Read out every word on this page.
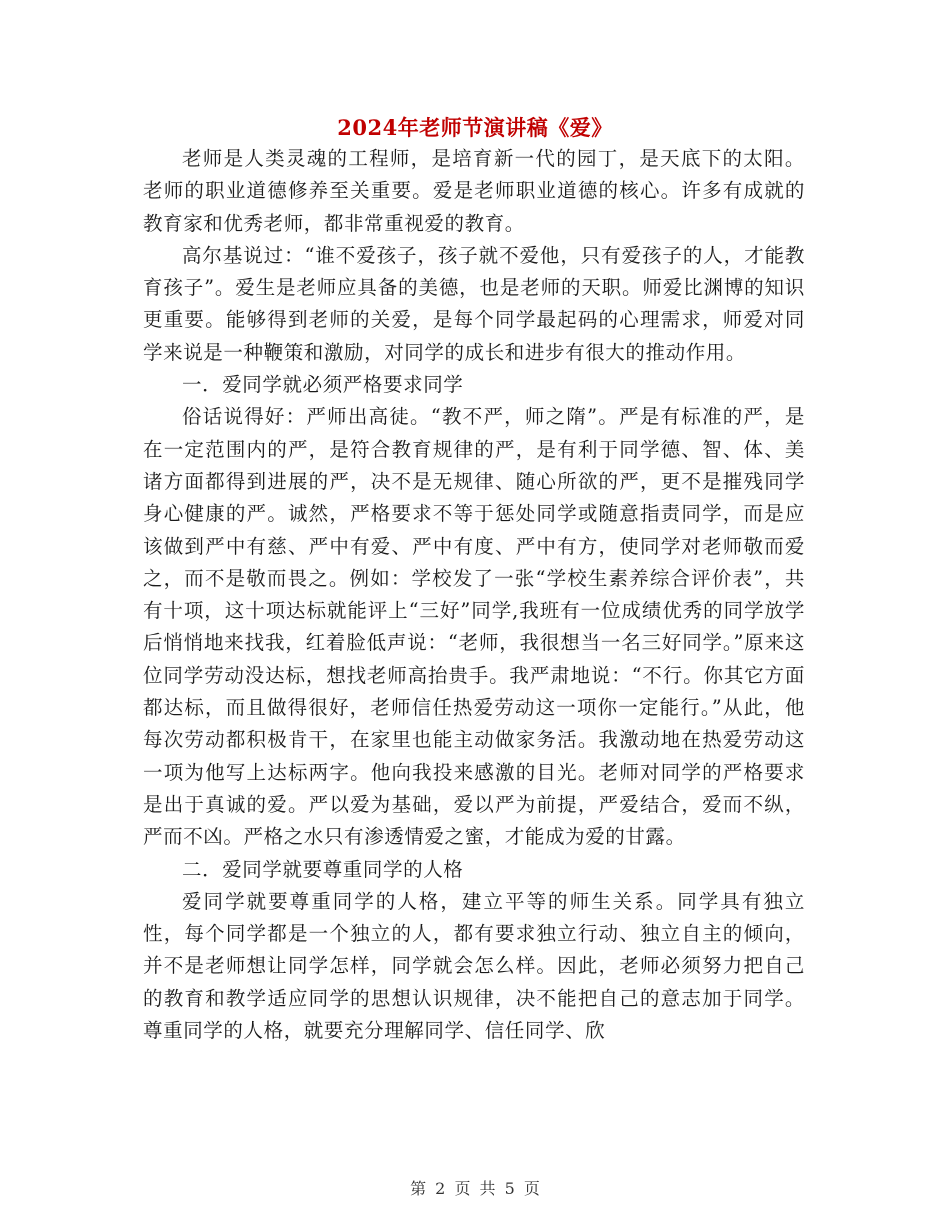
2024年老师节演讲稿《爱》

老师是人类灵魂的工程师，是培育新一代的园丁，是天底下的太阳。老师的职业道德修养至关重要。爱是老师职业道德的核心。许多有成就的教育家和优秀老师，都非常重视爱的教育。

高尔基说过：“谁不爱孩子，孩子就不爱他，只有爱孩子的人，才能教育孩子”。爱生是老师应具备的美德，也是老师的天职。师爱比渊博的知识更重要。能够得到老师的关爱，是每个同学最起码的心理需求，师爱对同学来说是一种鞭策和激励，对同学的成长和进步有很大的推动作用。

一．爱同学就必须严格要求同学

俗话说得好：严师出高徒。“教不严，师之隋”。严是有标准的严，是在一定范围内的严，是符合教育规律的严，是有利于同学德、智、体、美诸方面都得到进展的严，决不是无规律、随心所欲的严，更不是摧残同学身心健康的严。诚然，严格要求不等于惩处同学或随意指责同学，而是应该做到严中有慈、严中有爱、严中有度、严中有方，使同学对老师敬而爱之，而不是敬而畏之。例如：学校发了一张“学校生素养综合评价表”，共有十项，这十项达标就能评上“三好”同学,我班有一位成绩优秀的同学放学后悄悄地来找我，红着脸低声说：“老师，我很想当一名三好同学。”原来这位同学劳动没达标，想找老师高抬贵手。我严肃地说：“不行。你其它方面都达标，而且做得很好，老师信任热爱劳动这一项你一定能行。”从此，他每次劳动都积极肯干，在家里也能主动做家务活。我激动地在热爱劳动这一项为他写上达标两字。他向我投来感激的目光。老师对同学的严格要求是出于真诚的爱。严以爱为基础，爱以严为前提，严爱结合，爱而不纵，严而不凶。严格之水只有渗透情爱之蜜，才能成为爱的甘露。

二．爱同学就要尊重同学的人格

爱同学就要尊重同学的人格，建立平等的师生关系。同学具有独立性，每个同学都是一个独立的人，都有要求独立行动、独立自主的倾向，并不是老师想让同学怎样，同学就会怎么样。因此，老师必须努力把自己的教育和教学适应同学的思想认识规律，决不能把自己的意志加于同学。尊重同学的人格，就要充分理解同学、信任同学、欣

第 2 页 共 5 页
